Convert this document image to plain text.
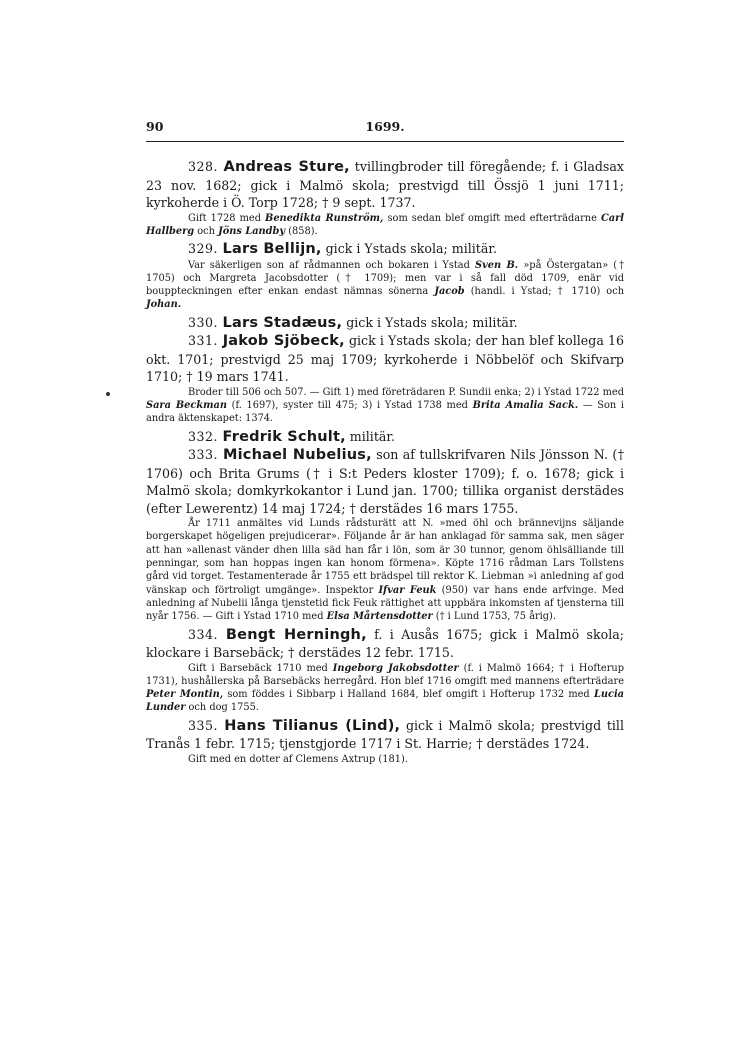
90	1699.

328. Andreas Sture, tvillingbroder till föregående; f. i Gladsax 23 nov. 1682; gick i Malmö skola; prestvigd till Össjö 1 juni 1711; kyrkoherde i Ö. Torp 1728; † 9 sept. 1737.

Gift 1728 med Benedikta Runström, som sedan blef omgift med efterträdarne Carl Hallberg och Jöns Landby (858).

329. Lars Bellijn, gick i Ystads skola; militär.

Var säkerligen son af rådmannen och bokaren i Ystad Sven B. »på Östergatan» († 1705) och Margreta Jacobsdotter († 1709); men var i så fall död 1709, enär vid bouppteckningen efter enkan endast nämnas sönerna Jacob (handl. i Ystad; † 1710) och Johan.

330. Lars Stadæus, gick i Ystads skola; militär.

331. Jakob Sjöbeck, gick i Ystads skola; der han blef kollega 16 okt. 1701; prestvigd 25 maj 1709; kyrkoherde i Nöbbelöf och Skifvarp 1710; † 19 mars 1741.

Broder till 506 och 507. — Gift 1) med företrädaren P. Sundii enka; 2) i Ystad 1722 med Sara Beckman (f. 1697), syster till 475; 3) i Ystad 1738 med Brita Amalia Sack. — Son i andra äktenskapet: 1374.

332. Fredrik Schult, militär.

333. Michael Nubelius, son af tullskrifvaren Nils Jönsson N. († 1706) och Brita Grums († i S:t Peders kloster 1709); f. o. 1678; gick i Malmö skola; domkyrkokantor i Lund jan. 1700; tillika organist derstädes (efter Lewerentz) 14 maj 1724; † derstädes 16 mars 1755.

År 1711 anmältes vid Lunds rådsturätt att N. »med öhl och brännevijns säljande borgerskapet högeligen prejudicerar». Följande år är han anklagad för samma sak, men säger att han »allenast vänder dhen lilla säd han får i lön, som är 30 tunnor, genom öhlsälliande till penningar, som han hoppas ingen kan honom förmena». Köpte 1716 rådman Lars Tollstens gård vid torget. Testamenterade år 1755 ett brädspel till rektor K. Liebman »i anledning af god vänskap och förtroligt umgänge». Inspektor Ifvar Feuk (950) var hans ende arfvinge. Med anledning af Nubelii långa tjenstetid fick Feuk rättighet att uppbära inkomsten af tjensterna till nyår 1756. — Gift i Ystad 1710 med Elsa Mårtensdotter († i Lund 1753, 75 årig).

334. Bengt Herningh, f. i Ausås 1675; gick i Malmö skola; klockare i Barsebäck; † derstädes 12 febr. 1715.

Gift i Barsebäck 1710 med Ingeborg Jakobsdotter (f. i Malmö 1664; † i Hofterup 1731), hushållerska på Barsebäcks herregård. Hon blef 1716 omgift med mannens efterträdare Peter Montin, som föddes i Sibbarp i Halland 1684, blef omgift i Hofterup 1732 med Lucia Lunder och dog 1755.

335. Hans Tilianus (Lind), gick i Malmö skola; prestvigd till Tranås 1 febr. 1715; tjenstgjorde 1717 i St. Harrie; † derstädes 1724.

Gift med en dotter af Clemens Axtrup (181).
